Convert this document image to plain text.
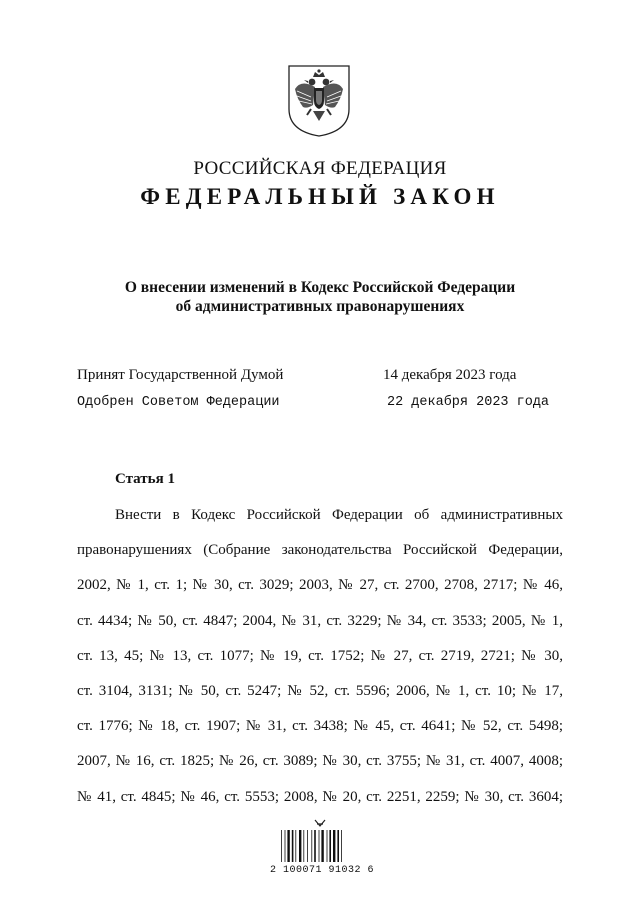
РОССИЙСКАЯ ФЕДЕРАЦИЯ
ФЕДЕРАЛЬНЫЙ ЗАКОН
О внесении изменений в Кодекс Российской Федерации
об административных правонарушениях
Принят Государственной Думой	14 декабря 2023 года
Одобрен Советом Федерации	22 декабря 2023 года
Статья 1
Внести в Кодекс Российской Федерации об административных
правонарушениях (Собрание законодательства Российской Федерации,
2002, № 1, ст. 1; № 30, ст. 3029; 2003, № 27, ст. 2700, 2708, 2717; № 46,
ст. 4434; № 50, ст. 4847; 2004, № 31, ст. 3229; № 34, ст. 3533; 2005, № 1,
ст. 13, 45; № 13, ст. 1077; № 19, ст. 1752; № 27, ст. 2719, 2721; № 30,
ст. 3104, 3131; № 50, ст. 5247; № 52, ст. 5596; 2006, № 1, ст. 10; № 17,
ст. 1776; № 18, ст. 1907; № 31, ст. 3438; № 45, ст. 4641; № 52, ст. 5498;
2007, № 16, ст. 1825; № 26, ст. 3089; № 30, ст. 3755; № 31, ст. 4007, 4008;
№ 41, ст. 4845; № 46, ст. 5553; 2008, № 20, ст. 2251, 2259; № 30, ст. 3604;
2 100071 91032 6
